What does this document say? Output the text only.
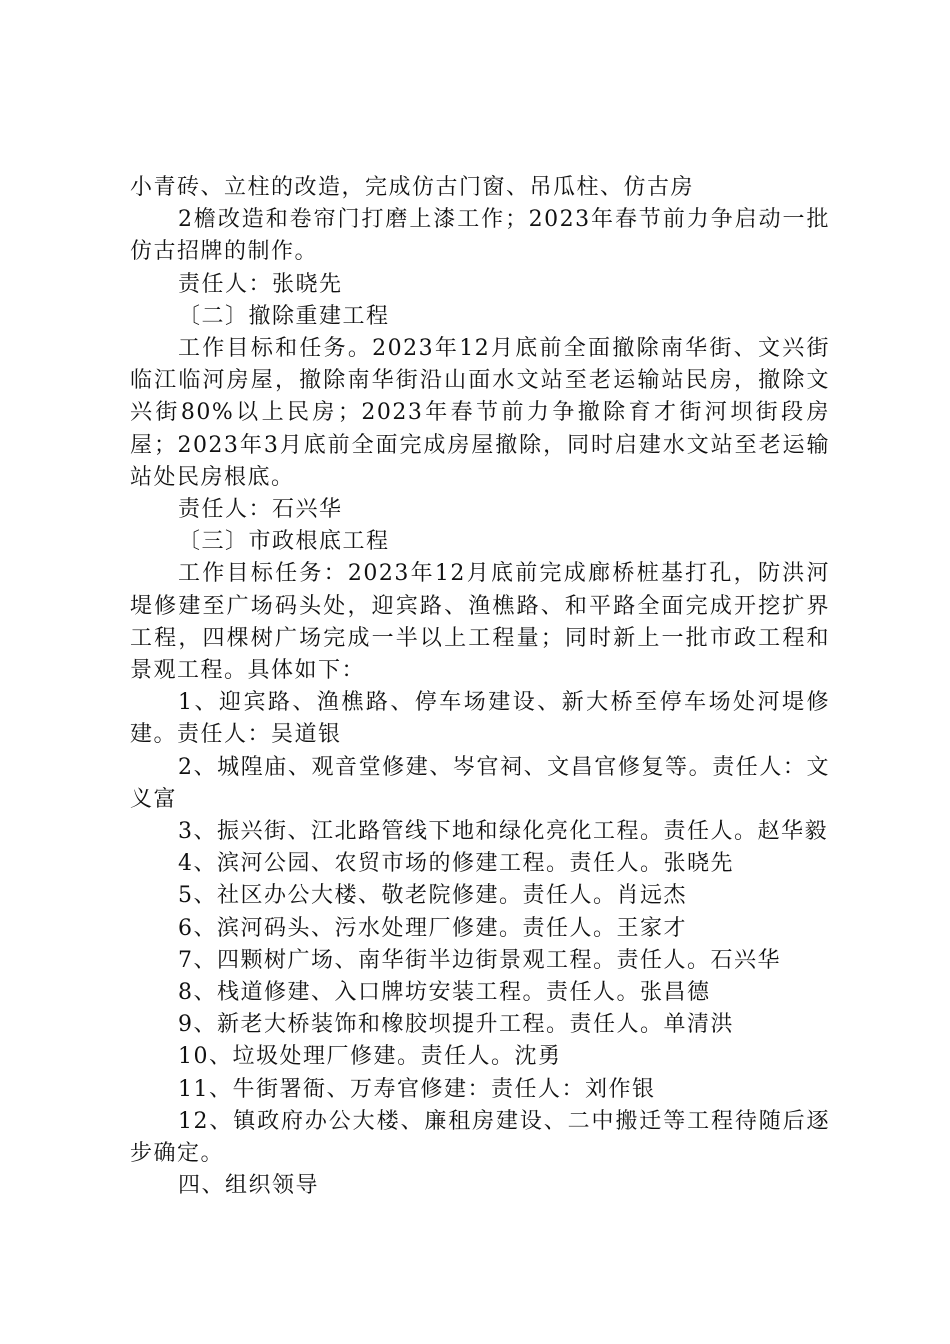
小青砖、立柱的改造，完成仿古门窗、吊瓜柱、仿古房

2檐改造和卷帘门打磨上漆工作；2023年春节前力争启动一批仿古招牌的制作。

责任人：张晓先

〔二〕撤除重建工程

工作目标和任务。2023年12月底前全面撤除南华街、文兴街临江临河房屋，撤除南华街沿山面水文站至老运输站民房，撤除文兴街80%以上民房；2023年春节前力争撤除育才街河坝街段房屋；2023年3月底前全面完成房屋撤除，同时启建水文站至老运输站处民房根底。

责任人：石兴华

〔三〕市政根底工程

工作目标任务：2023年12月底前完成廊桥桩基打孔，防洪河堤修建至广场码头处，迎宾路、渔樵路、和平路全面完成开挖扩界工程，四棵树广场完成一半以上工程量；同时新上一批市政工程和景观工程。具体如下：

1、迎宾路、渔樵路、停车场建设、新大桥至停车场处河堤修建。责任人：吴道银

2、城隍庙、观音堂修建、岑官祠、文昌官修复等。责任人：文义富

3、振兴街、江北路管线下地和绿化亮化工程。责任人。赵华毅

4、滨河公园、农贸市场的修建工程。责任人。张晓先

5、社区办公大楼、敬老院修建。责任人。肖远杰

6、滨河码头、污水处理厂修建。责任人。王家才

7、四颗树广场、南华街半边街景观工程。责任人。石兴华

8、栈道修建、入口牌坊安装工程。责任人。张昌德

9、新老大桥装饰和橡胶坝提升工程。责任人。单清洪

10、垃圾处理厂修建。责任人。沈勇

11、牛街署衙、万寿官修建：责任人：刘作银

12、镇政府办公大楼、廉租房建设、二中搬迁等工程待随后逐步确定。

四、组织领导
